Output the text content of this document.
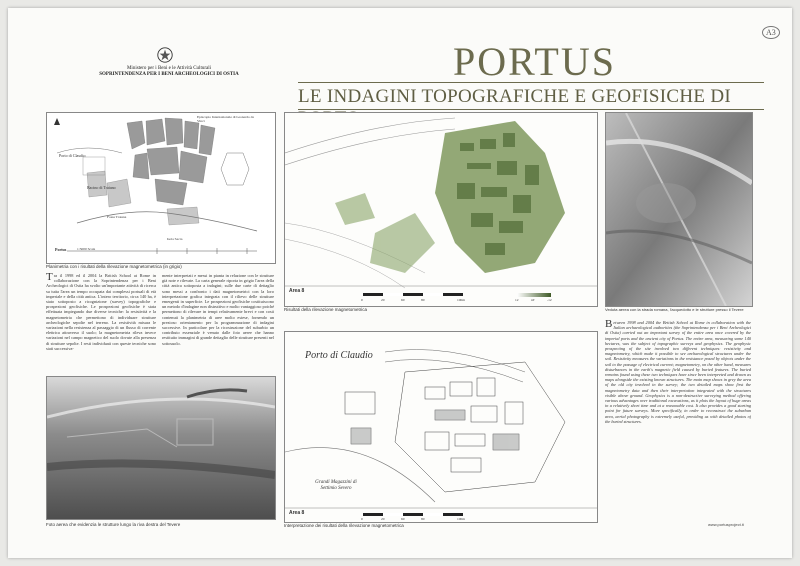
Ministero per i Beni e le Attività Culturali
SOPRINTENDENZA PER I BENI ARCHEOLOGICI DI OSTIA
A3
PORTUS
LE INDAGINI TOPOGRAFICHE E GEOFISICHE DI
Episcopio Internazionale di Leonardo da Vinci
Porto di Claudio
Bacino di Traiano
Fossa Traiana
Isola Sacra
Portus	1:5000 Scala
Planimetria con i risultati della rilevazione magnetometrica (in grigio)
Area 8
0	20	60	80	100m	12	nT	-12
Risultati della rilevazione magnetometrica	Veduta aerea con la strada romana, l'acquedotto e le strutture presso il Tevere
Tra il 1998 ed il 2004 la British School at Rome in collaborazione con la Soprintendenza per i Beni Archeologici di Ostia ha svolto un'importante attività di ricerca su tutta l'area un tempo occupata dai complessi portuali di età imperiale e della città antica. L'intero territorio, circa 140 ha, è stato sottoposto a ricognizione (survey) topografiche e prospezioni geofisiche. Le prospezioni geofisiche è stata effettuata impiegando due diverse tecniche: la resistività e la magnetometria che permettono di individuare strutture archeologiche sepolte nel terreno. La resistività misura le variazioni nella resistenza al passaggio di un flusso di corrente elettrica attraverso il suolo; la magnetometria rileva invece variazioni nel campo magnetico del suolo dovute alla presenza di strutture sepolte. I resti individuati con queste tecniche sono stati successiva-
mente interpretati e messi in pianta in relazione con le strutture già note e rilevate. La carta generale riporta in grigio l'area della città antica sottoposta a indagini; sulle due carte di dettaglio sono messi a confronto i dati magnetometrici con la loro interpretazione grafica integrata con il rilievo delle strutture emergenti in superficie. Le prospezioni geofisiche costituiscono un metodo d'indagine non distruttivo e molto vantaggioso poiché permettono di rilevare in tempi relativamente brevi e con costi contenuti la planimetria di aree molto estese, fornendo un prezioso orientamento per la programmazione di indagini successive. In particolare per la ricostruzione del suburbio un contributo essenziale è venuto dalle foto aeree che hanno restituito immagini di grande dettaglio delle strutture presenti nel sottosuolo.
Foto aerea che evidenzia le strutture lungo la riva destra del Tevere
Porto di Claudio
Grandi Magazzini di Settimio Severo
Area 8
0	20	60	80	100m
Interpretazione dei risultati della rilevazione magnetometrica
Between 1998 and 2004 the British School at Rome in collaboration with the Italian archaeological authorities (the Soprintendenza per i Beni Archeologici di Ostia) carried out an important survey of the entire area once covered by the imperial ports and the ancient city of Portus. The entire area, measuring some 140 hectares, was the subject of topographic surveys and geophysics. The geophysic prospecting of the site involved two different techniques: resistivity and magnetometry, which make it possible to see archaeological structures under the soil. Resistivity measures the variations in the resistance posed by objects under the soil to the passage of electrical current; magnetometry, on the other hand, measures disturbances in the earth's magnetic field caused by buried features. The buried remains found using these two techniques have since been interpreted and drawn as maps alongside the existing known structures. The main map shows in grey the area of the old city involved in the survey; the two detailed maps show first the magnetometry data and then their interpretation integrated with the structures visible above ground. Geophysics is a non-destructive surveying method offering various advantages over traditional excavations, as it plots the layout of huge areas in a relatively short time and at a reasonable cost. It also provides a good starting point for future surveys. More specifically, in order to reconstruct the suburban area, aerial photography is extremely useful, providing us with detailed photos of the buried structures.
www.portusproject.it
